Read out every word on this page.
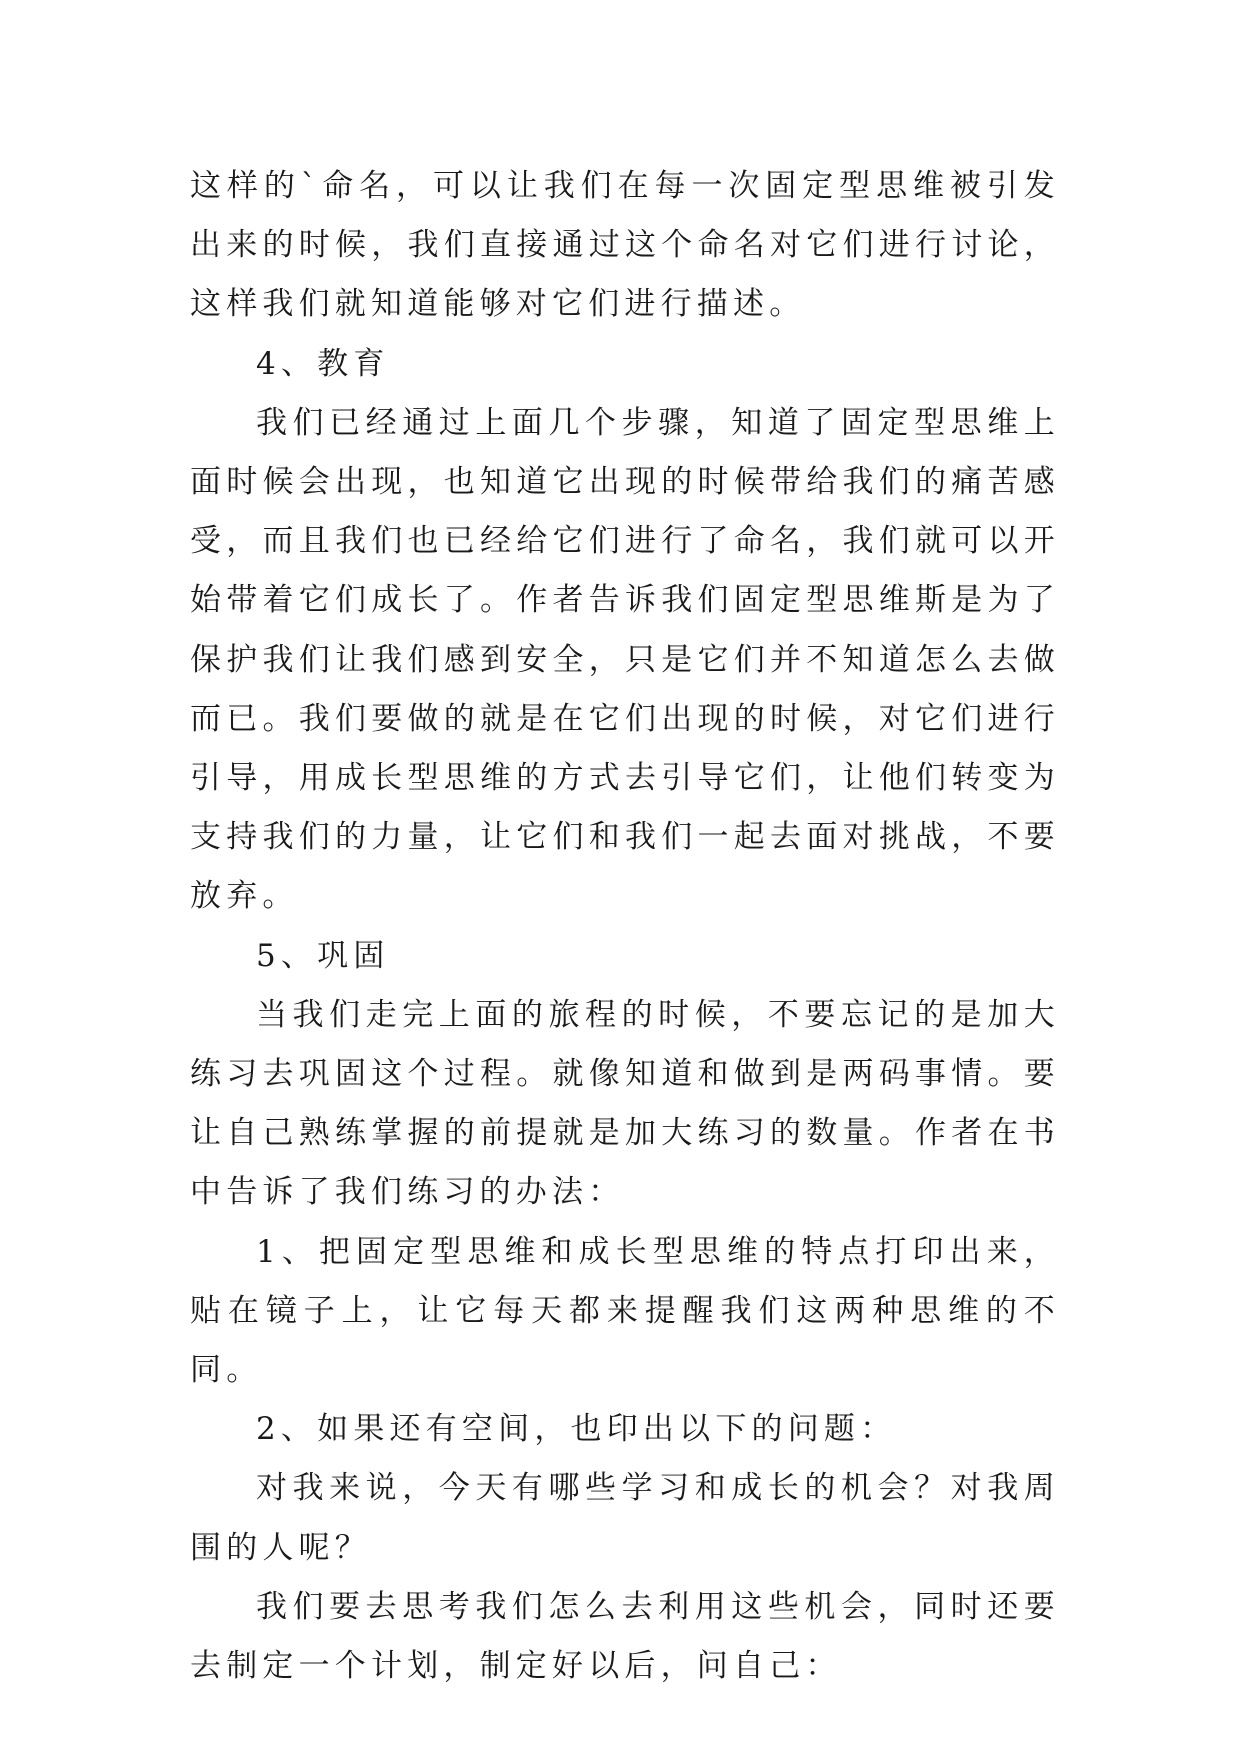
这样的`命名，可以让我们在每一次固定型思维被引发出来的时候，我们直接通过这个命名对它们进行讨论，这样我们就知道能够对它们进行描述。

4、教育

我们已经通过上面几个步骤，知道了固定型思维上面时候会出现，也知道它出现的时候带给我们的痛苦感受，而且我们也已经给它们进行了命名，我们就可以开始带着它们成长了。作者告诉我们固定型思维斯是为了保护我们让我们感到安全，只是它们并不知道怎么去做而已。我们要做的就是在它们出现的时候，对它们进行引导，用成长型思维的方式去引导它们，让他们转变为支持我们的力量，让它们和我们一起去面对挑战，不要放弃。

5、巩固

当我们走完上面的旅程的时候，不要忘记的是加大练习去巩固这个过程。就像知道和做到是两码事情。要让自己熟练掌握的前提就是加大练习的数量。作者在书中告诉了我们练习的办法：

1、把固定型思维和成长型思维的特点打印出来，贴在镜子上，让它每天都来提醒我们这两种思维的不同。

2、如果还有空间，也印出以下的问题：

对我来说，今天有哪些学习和成长的机会？对我周围的人呢？

我们要去思考我们怎么去利用这些机会，同时还要去制定一个计划，制定好以后，问自己：
